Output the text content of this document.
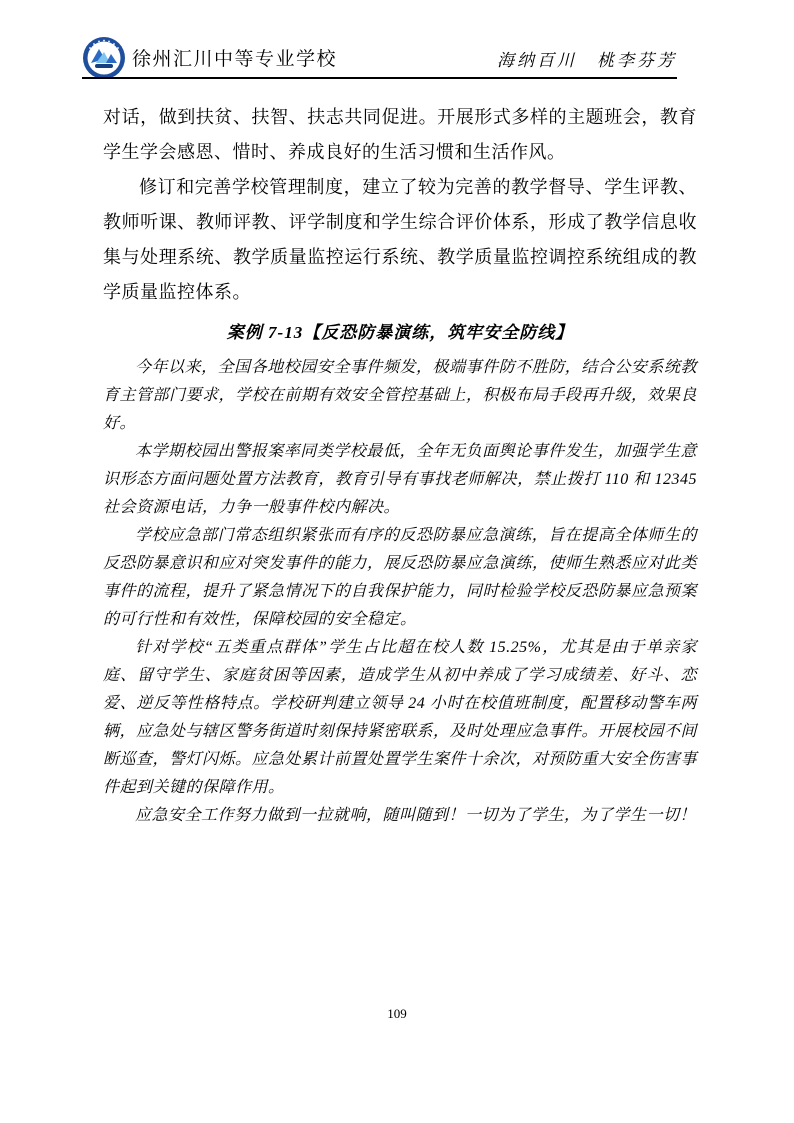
徐州汇川中等专业学校	海纳百川　桃李芬芳

对话，做到扶贫、扶智、扶志共同促进。开展形式多样的主题班会，教育学生学会感恩、惜时、养成良好的生活习惯和生活作风。

修订和完善学校管理制度，建立了较为完善的教学督导、学生评教、教师听课、教师评教、评学制度和学生综合评价体系，形成了教学信息收集与处理系统、教学质量监控运行系统、教学质量监控调控系统组成的教学质量监控体系。

案例 7-13【反恐防暴演练，筑牢安全防线】

今年以来，全国各地校园安全事件频发，极端事件防不胜防，结合公安系统教育主管部门要求，学校在前期有效安全管控基础上，积极布局手段再升级，效果良好。

本学期校园出警报案率同类学校最低，全年无负面舆论事件发生，加强学生意识形态方面问题处置方法教育，教育引导有事找老师解决，禁止拨打 110 和 12345 社会资源电话，力争一般事件校内解决。

学校应急部门常态组织紧张而有序的反恐防暴应急演练，旨在提高全体师生的反恐防暴意识和应对突发事件的能力，展反恐防暴应急演练，使师生熟悉应对此类事件的流程，提升了紧急情况下的自我保护能力，同时检验学校反恐防暴应急预案的可行性和有效性，保障校园的安全稳定。

针对学校“五类重点群体”学生占比超在校人数 15.25%，尤其是由于单亲家庭、留守学生、家庭贫困等因素，造成学生从初中养成了学习成绩差、好斗、恋爱、逆反等性格特点。学校研判建立领导 24 小时在校值班制度，配置移动警车两辆，应急处与辖区警务街道时刻保持紧密联系，及时处理应急事件。开展校园不间断巡查，警灯闪烁。应急处累计前置处置学生案件十余次，对预防重大安全伤害事件起到关键的保障作用。

应急安全工作努力做到一拉就响，随叫随到！一切为了学生，为了学生一切！

109
